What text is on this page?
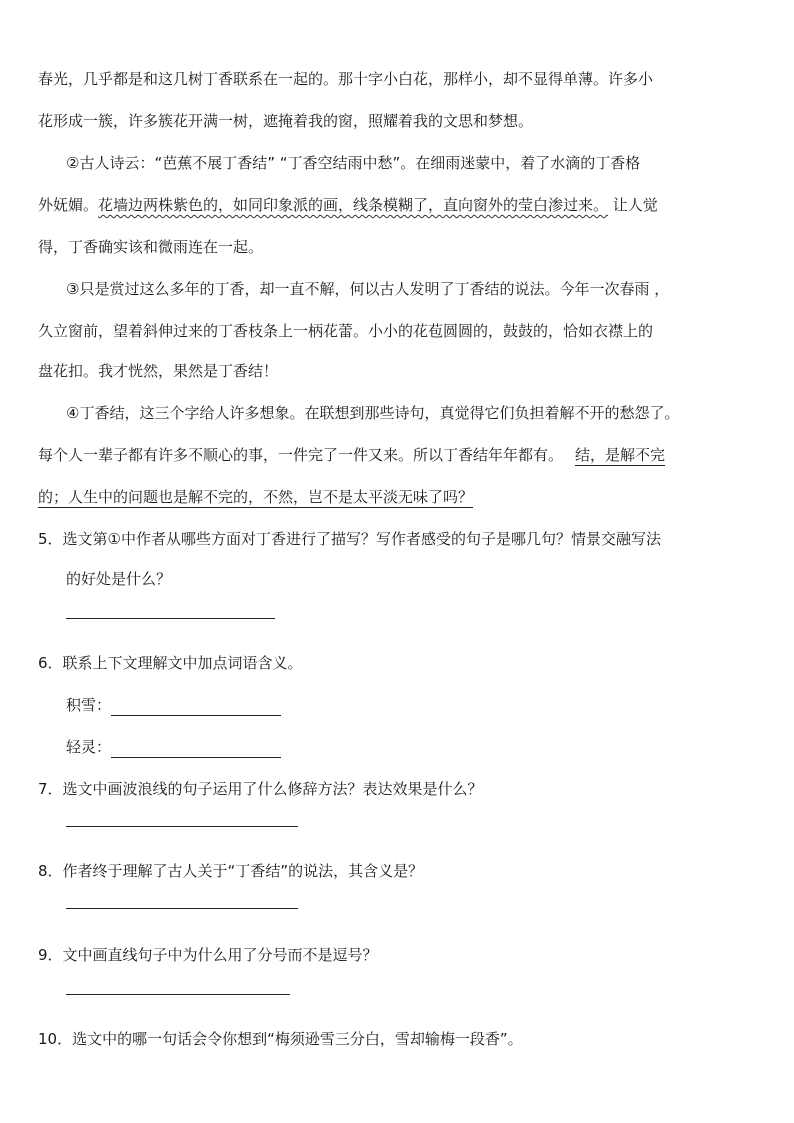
春光，几乎都是和这几树丁香联系在一起的。那十字小白花，那样小，却不显得单薄。许多小
花形成一簇，许多簇花开满一树，遮掩着我的窗，照耀着我的文思和梦想。
②古人诗云：“芭蕉不展丁香结” “丁香空结雨中愁”。在细雨迷蒙中，着了水滴的丁香格
外妩媚。花墙边两株紫色的，如同印象派的画，线条模糊了，直向窗外的莹白渗过来。 让人觉
得，丁香确实该和微雨连在一起。
③只是赏过这么多年的丁香，却一直不解，何以古人发明了丁香结的说法。今年一次春雨 ，
久立窗前，望着斜伸过来的丁香枝条上一柄花蕾。小小的花苞圆圆的，鼓鼓的，恰如衣襟上的
盘花扣。我才恍然，果然是丁香结！
④丁香结，这三个字给人许多想象。在联想到那些诗句，真觉得它们负担着解不开的愁怨了。
每个人一辈子都有许多不顺心的事，一件完了一件又来。所以丁香结年年都有。 结，是解不完
的；人生中的问题也是解不完的，不然，岂不是太平淡无味了吗？
5．选文第①中作者从哪些方面对丁香进行了描写？写作者感受的句子是哪几句？情景交融写法
的好处是什么？
6．联系上下文理解文中加点词语含义。
积雪：
轻灵：
7．选文中画波浪线的句子运用了什么修辞方法？表达效果是什么？
8．作者终于理解了古人关于“丁香结”的说法，其含义是？
9．文中画直线句子中为什么用了分号而不是逗号？
10．选文中的哪一句话会令你想到“梅须逊雪三分白，雪却输梅一段香”。
